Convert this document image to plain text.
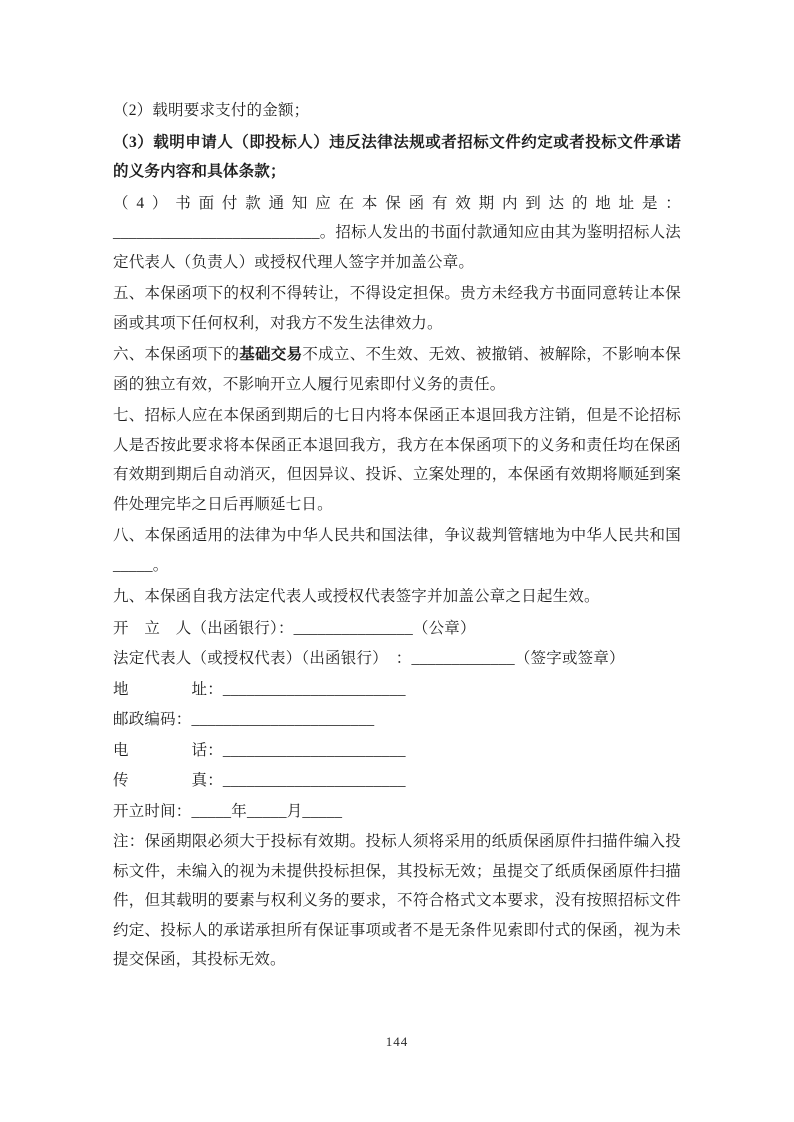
（2）载明要求支付的金额；

（3）载明申请人（即投标人）违反法律法规或者招标文件约定或者投标文件承诺的义务内容和具体条款；

（4）书面付款通知应在本保函有效期内到达的地址是：__________________________。招标人发出的书面付款通知应由其为鉴明招标人法定代表人（负责人）或授权代理人签字并加盖公章。

五、本保函项下的权利不得转让，不得设定担保。贵方未经我方书面同意转让本保函或其项下任何权利，对我方不发生法律效力。

六、本保函项下的基础交易不成立、不生效、无效、被撤销、被解除，不影响本保函的独立有效，不影响开立人履行见索即付义务的责任。

七、招标人应在本保函到期后的七日内将本保函正本退回我方注销，但是不论招标人是否按此要求将本保函正本退回我方，我方在本保函项下的义务和责任均在保函有效期到期后自动消灭，但因异议、投诉、立案处理的，本保函有效期将顺延到案件处理完毕之日后再顺延七日。

八、本保函适用的法律为中华人民共和国法律，争议裁判管辖地为中华人民共和国_____。

九、本保函自我方法定代表人或授权代表签字并加盖公章之日起生效。

开　立　人（出函银行）：_______________（公章）

法定代表人（或授权代表）（出函银行）　：_____________（签字或签章）

地　　　　址：_______________________

邮政编码：_______________________

电　　　　话：_______________________

传　　　　真：_______________________

开立时间：_____年_____月_____

注：保函期限必须大于投标有效期。投标人须将采用的纸质保函原件扫描件编入投标文件，未编入的视为未提供投标担保，其投标无效；虽提交了纸质保函原件扫描件，但其载明的要素与权利义务的要求，不符合格式文本要求，没有按照招标文件约定、投标人的承诺承担所有保证事项或者不是无条件见索即付式的保函，视为未提交保函，其投标无效。

144
